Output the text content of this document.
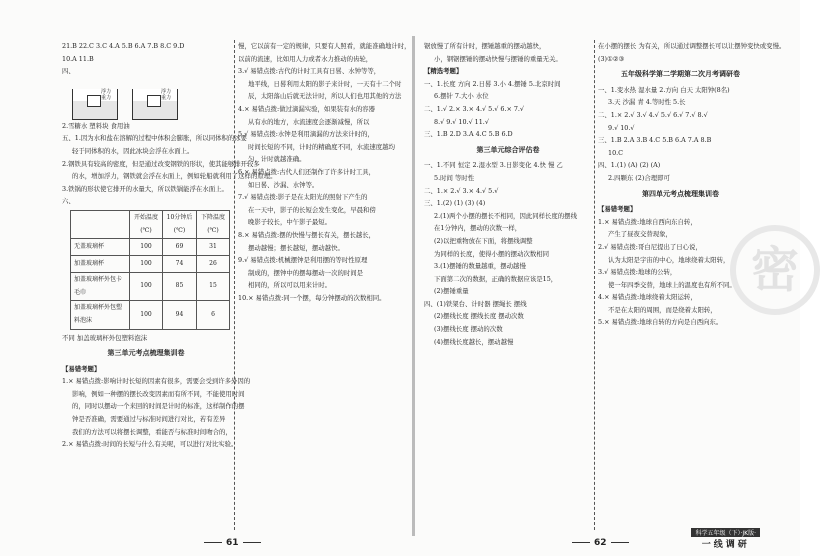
21.B 22.C 3.C 4.A 5.B 6.A 7.B 8.C 9.D

10.A 11.B

四、

浮力
重力
浮力
重力

2.雪糖水 塑料块 食用油

五、1.因为水和盐在溶解的过程中体积会膨胀，所以同体积的冰要

轻于同体积的水，因此冰块会浮在水面上。

2.钢铁具有较高的密度，但是通过改变钢铁的形状，使其能够排开较多

的水，增加浮力，钢铁就会浮在水面上，例如轮船就利用了这样的原理。

3.铁锅的形状使它排开的水量大，所以铁锅能浮在水面上。

六、

	开始温度(℃)	10分钟后(℃)	下降温度(℃)
无盖玻璃杯	100	69	31
加盖玻璃杯	100	74	26
加盖玻璃杯外包卡毛巾	100	85	15
加盖玻璃杯外包塑料泡沫	100	94	6

不同 加盖玻璃杯外包塑料泡沫

第三单元考点梳理集训卷

【易错考题】

1.× 易错点拨:影响计时长短的因素有很多，需要会受到许多外因的

影响，例如一种摆的摆长改变因素而有所不同，不能使用时间

的，同时以摆动一个来回的时间是计时的标准，这样制作的摆

钟是否准确，需要通过与标准时间进行对比，若有差异

我们的方法可以将摆长调整，看能否与标准时间吻合的，

2.× 易错点拨:时间的长短与什么有关呢，可以进行对比实验。

慢，它以前有一定的规律，只要有人照看，就能准确地计时，

以前的流速，比如用人力或者水力推动的齿轮，

3.√ 易错点拨:古代的计时工具有日晷、水钟等等，

地平线，日晷利用太阳的影子来计时，一天有十二个时

辰，太阳落山后就无法计时，所以人们也用其他的方法

4.× 易错点拨:做过滴漏实验，如果装有水的容器

从有水的地方，水流速度会逐渐减慢，所以

5.√ 易错点拨:水钟是利用滴漏的方法来计时的，

时间长短的不同，计时的精确度不同，水流速度越均

匀，计时就越准确。

6.× 易错点拨:古代人们还制作了许多计时工具，

如日晷、沙漏、水钟等。

7.√ 易错点拨:影子是在太阳光的照射下产生的

在一天中，影子的长短会发生变化，早晨和傍

晚影子较长，中午影子最短。

8.× 易错点拨:摆的快慢与摆长有关，摆长越长，

摆动越慢；摆长越短，摆动越快。

9.√ 易错点拨:机械摆钟是利用摆的等时性原理

制成的，摆钟中的摆每摆动一次的时间是

相同的，所以可以用来计时。

10.× 易错点拨:同一个摆，每分钟摆动的次数相同。

61

锯放慢了所有计时，摆锤越重的摆动越快，

小，钢锯摆锤的摆动快慢与摆锤的重量无关。

【精选考题】

一、1.长度 方向 2.日晷 3.小 4.摆锤 5.北京时间

6.摆针 7.大小 水位

二、1.√ 2.× 3.× 4.√ 5.√ 6.× 7.√

8.√ 9.√ 10.√ 11.√

三、1.B 2.D 3.A 4.C 5.B 6.D

第三单元综合评估卷

一、1.不同 恒定 2.湿水型 3.日影变化 4.快 慢 乙

5.时间 等时性

二、1.× 2.√ 3.× 4.√ 5.√

三、1.(2) (1) (3) (4)

2.(1)两个小摆的摆长不相同，因此同样长度的摆线

在1分钟内，摆动的次数一样，

(2)以把重物放在下面，将摆线调整

为同样的长度，使得小摆的摆动次数相同

3.(1)摆锤的数量越重，摆动越慢

下面第二次的数据，正确的数据应该是15，

(2)摆锤重量

四、(1)铁架台、计时器 摆绳长 摆线

(2)摆线长度 摆线长度 摆动次数

(3)摆线长度 摆动的次数

(4)摆线长度越长，摆动越慢

62

在小摆的摆长 为有关，所以通过调整摆长可以让摆钟变快或变慢。

(3)①②③

五年级科学第二学期第二次月考调研卷

一、1.变水热 湿水量 2.方向 白天 太阳钟(8名)

3.天 沙漏 青 4.等时性 5.长

二、1.× 2.√ 3.√ 4.√ 5.√ 6.√ 7.√ 8.√

9.√ 10.√

三、1.B 2.A 3.B 4.C 5.B 6.A 7.A 8.B

10.C

四、1.(1) (A) (2) (A)

2.四颗东 (2)合理即可

第四单元考点梳理集训卷

【易错考题】

1.× 易错点拨:地球自西向东自转，

产生了昼夜交替现象，

2.√ 易错点拨:哥白尼提出了日心说，

认为太阳是宇宙的中心，地球绕着太阳转，

3.√ 易错点拨:地球的公转，

使一年四季交替，地球上的温度也有所不同。

4.× 易错点拨:地球绕着太阳运转，

不是在太阳的周围，而是绕着太阳转，

5.× 易错点拨:地球自转的方向是自西向东。

密
科学五年级（下）·JK版·
一线调研
